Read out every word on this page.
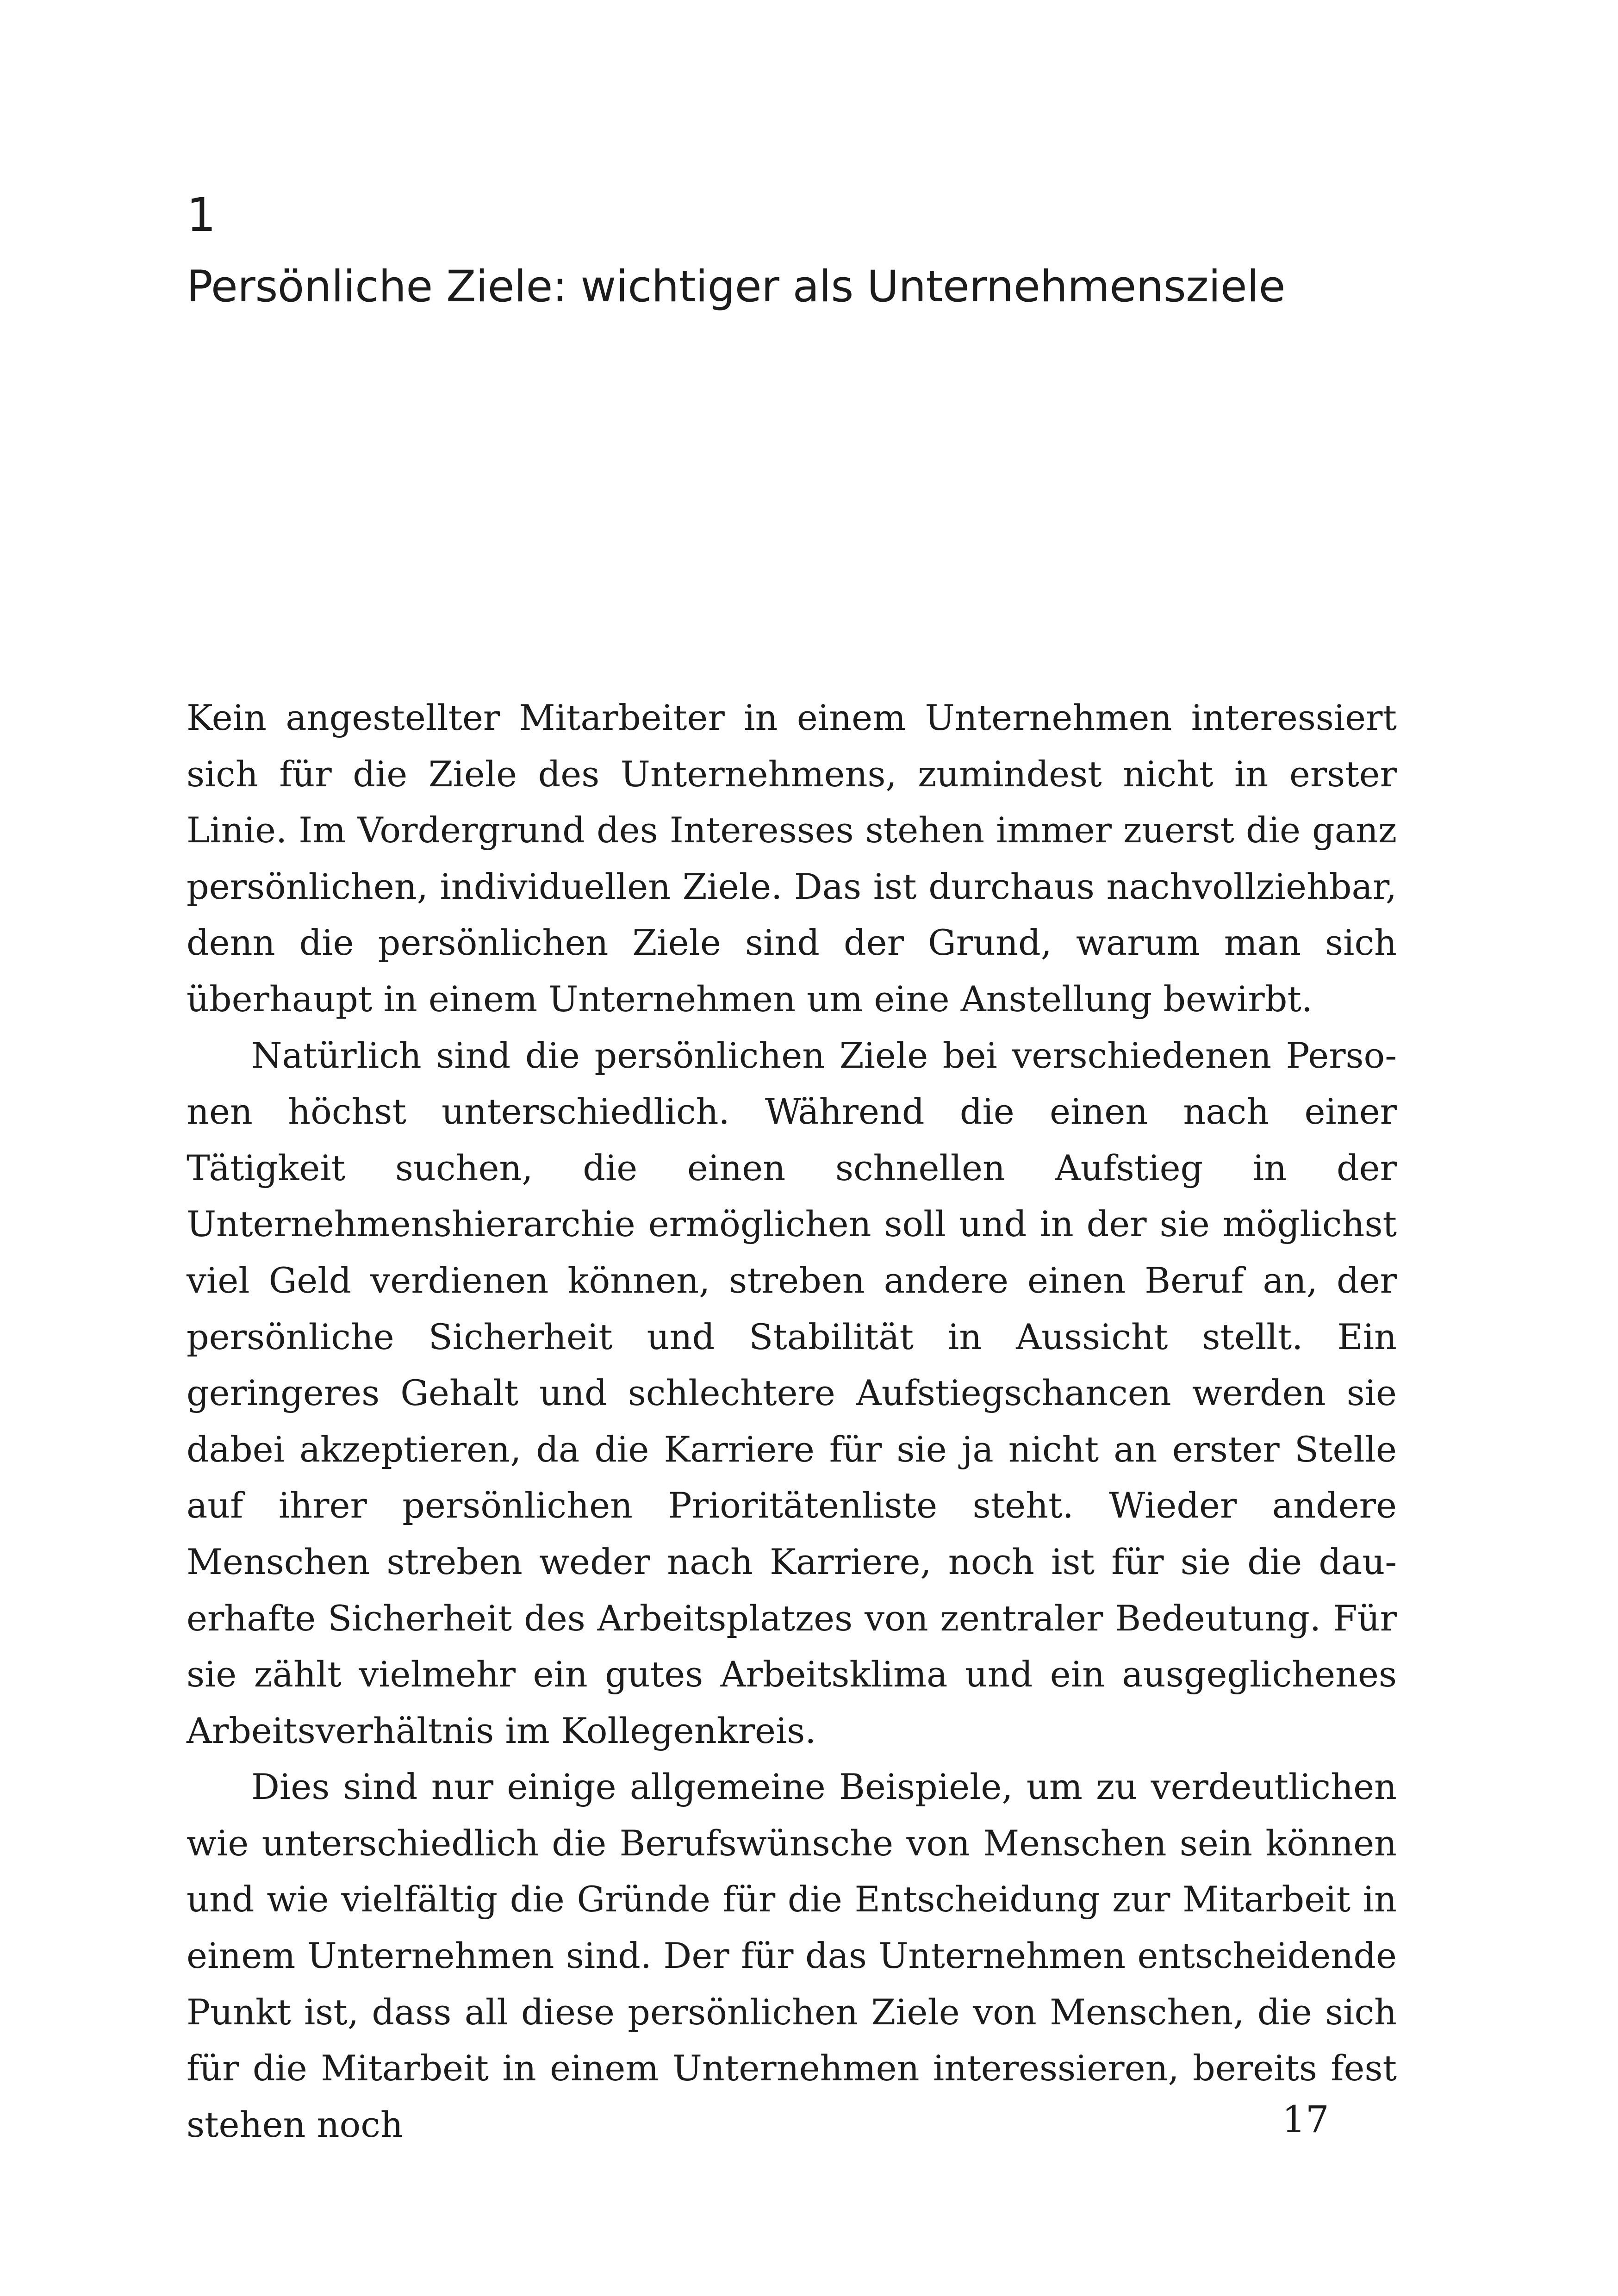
1
Persönliche Ziele: wichtiger als Unternehmensziele

Kein angestellter Mitarbeiter in einem Unternehmen interessiert sich für die Ziele des Unternehmens, zumindest nicht in erster Linie. Im Vordergrund des Interesses stehen immer zuerst die ganz persönlichen, individuellen Ziele. Das ist durchaus nachvollziehbar, denn die persönlichen Ziele sind der Grund, warum man sich überhaupt in einem Unternehmen um eine Anstellung bewirbt.

Natürlich sind die persönlichen Ziele bei verschiedenen Personen höchst unterschiedlich. Während die einen nach einer Tätigkeit suchen, die einen schnellen Aufstieg in der Unternehmenshierarchie ermöglichen soll und in der sie möglichst viel Geld verdienen können, streben andere einen Beruf an, der persönliche Sicherheit und Stabilität in Aussicht stellt. Ein geringeres Gehalt und schlechtere Aufstiegschancen werden sie dabei akzeptieren, da die Karriere für sie ja nicht an erster Stelle auf ihrer persönlichen Prioritätenliste steht. Wieder andere Menschen streben weder nach Karriere, noch ist für sie die dauerhafte Sicherheit des Arbeitsplatzes von zentraler Bedeutung. Für sie zählt vielmehr ein gutes Arbeitsklima und ein ausgeglichenes Arbeitsverhältnis im Kollegenkreis.

Dies sind nur einige allgemeine Beispiele, um zu verdeutlichen wie unterschiedlich die Berufswünsche von Menschen sein können und wie vielfältig die Gründe für die Entscheidung zur Mitarbeit in einem Unternehmen sind. Der für das Unternehmen entscheidende Punkt ist, dass all diese persönlichen Ziele von Menschen, die sich für die Mitarbeit in einem Unternehmen interessieren, bereits fest stehen noch	17
